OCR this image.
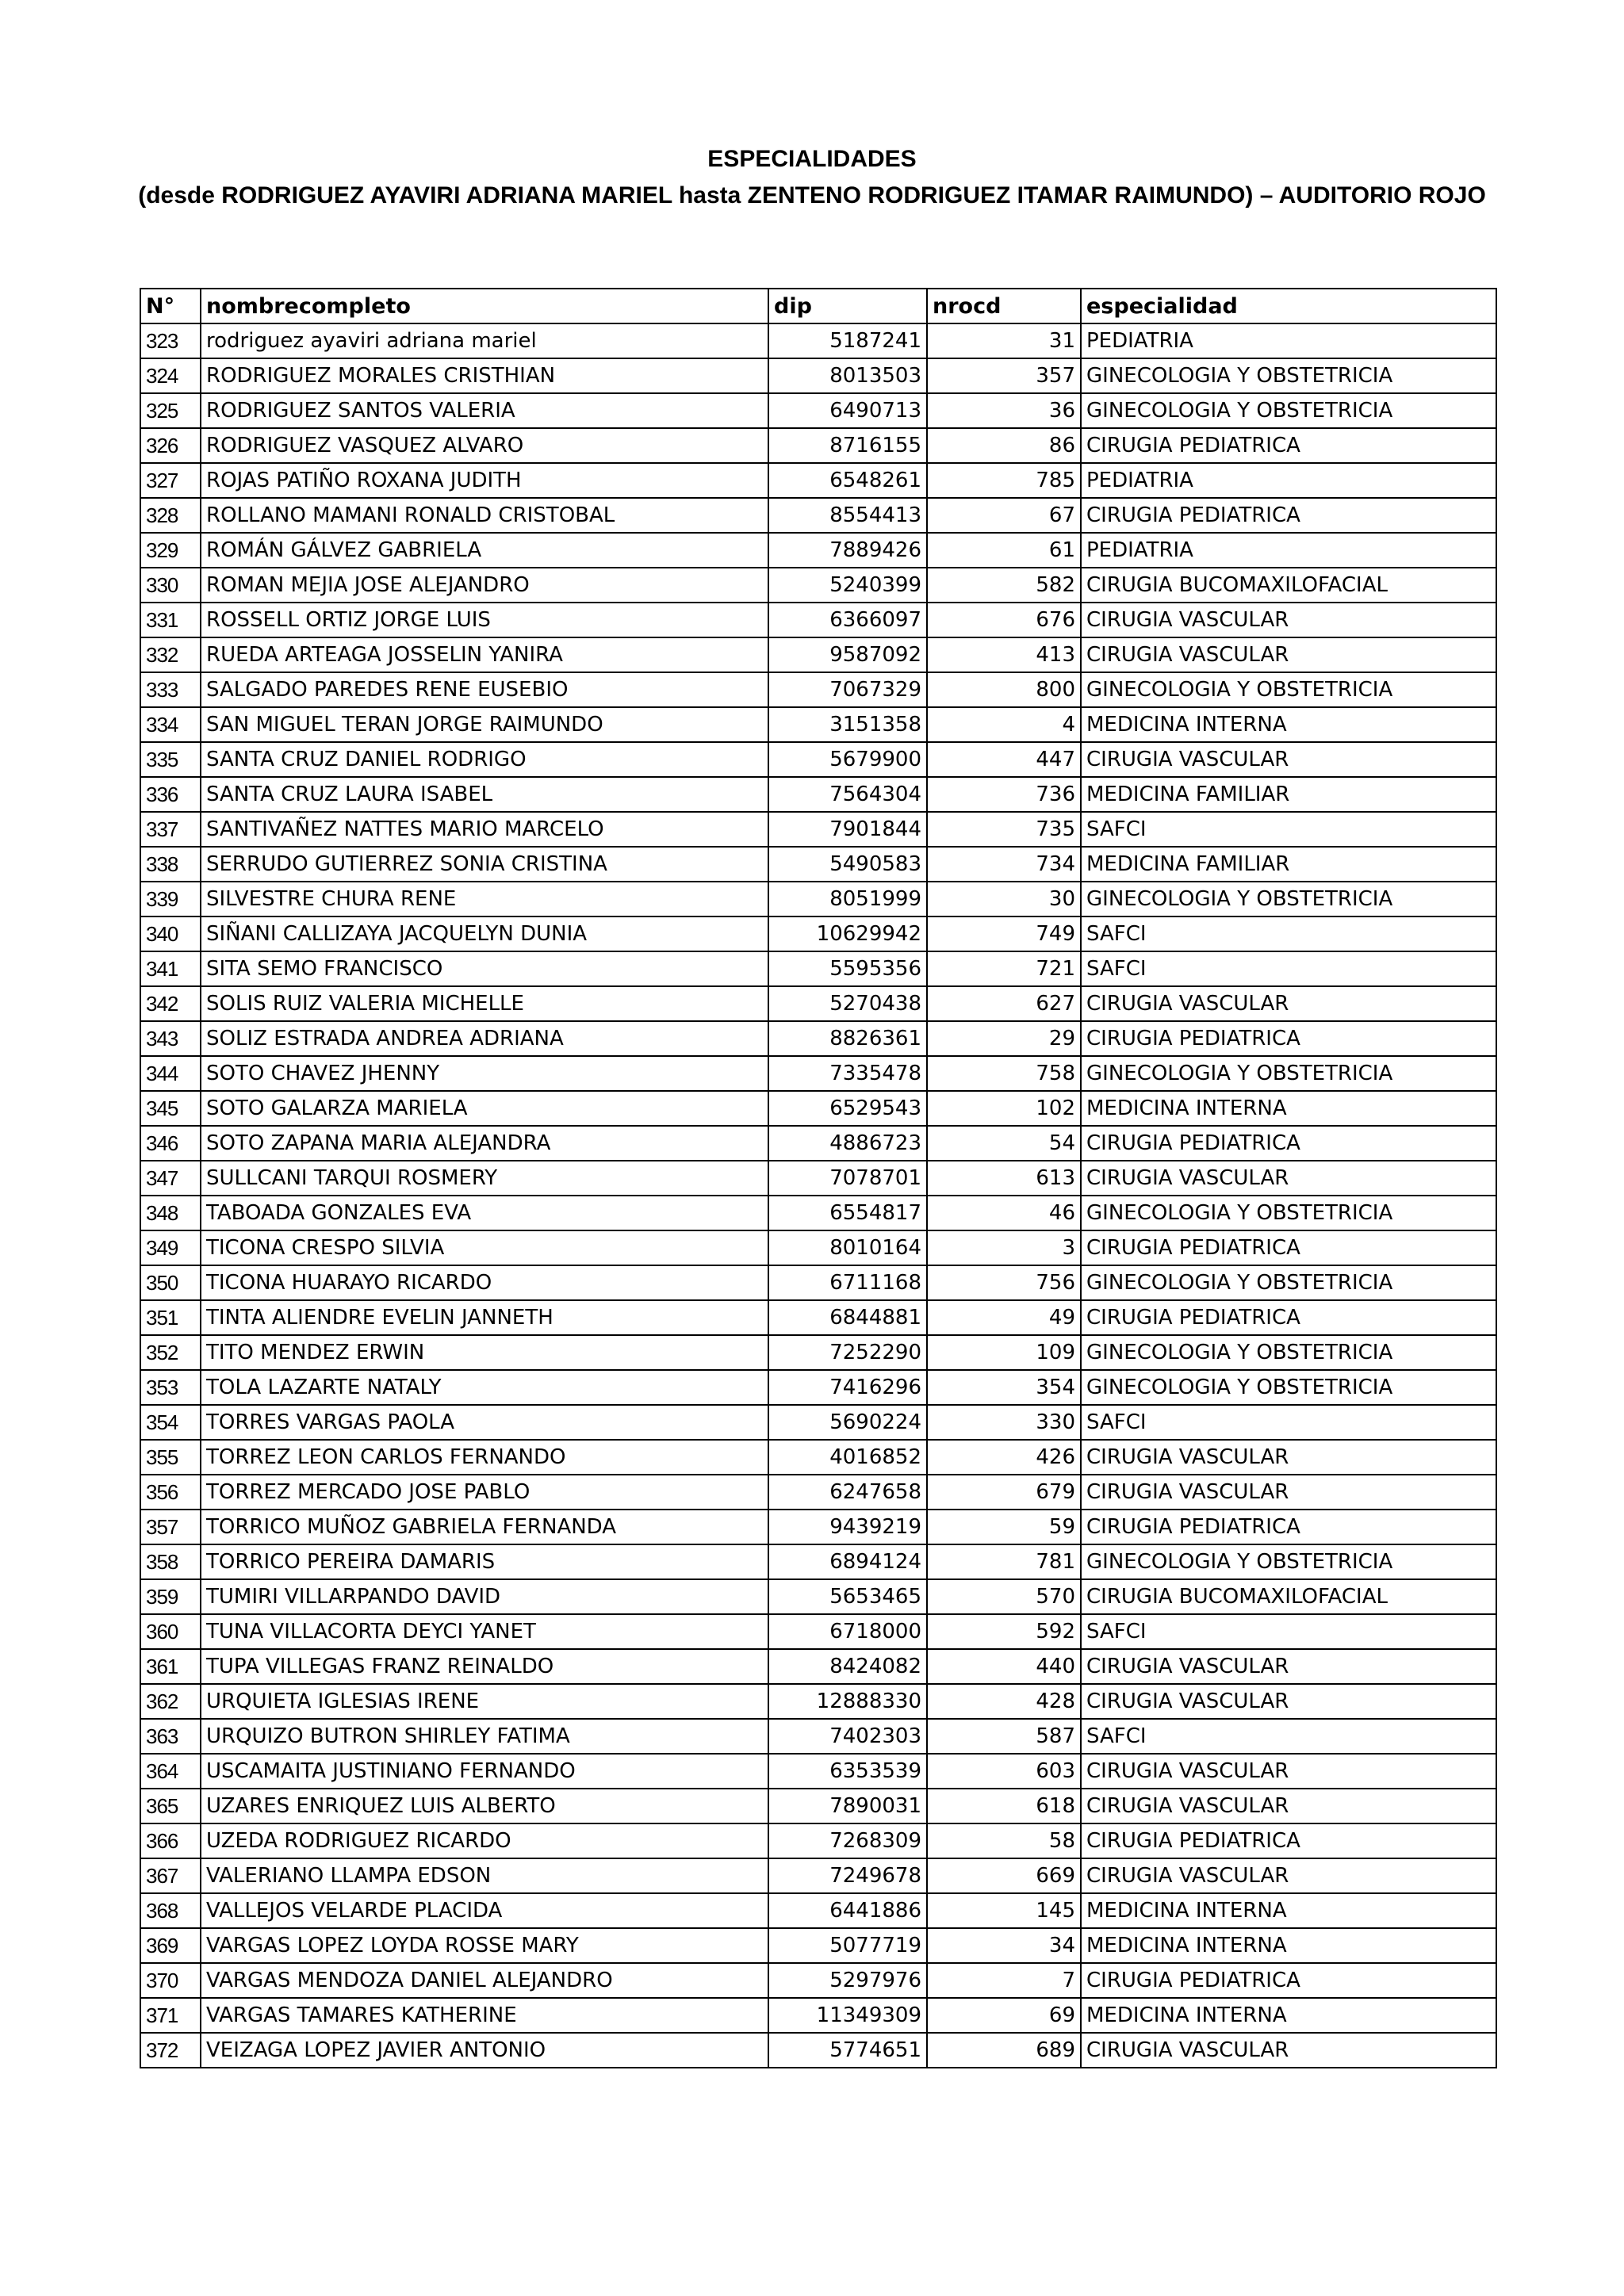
ESPECIALIDADES
(desde RODRIGUEZ AYAVIRI ADRIANA MARIEL hasta ZENTENO RODRIGUEZ ITAMAR RAIMUNDO) – AUDITORIO ROJO
N°	nombrecompleto	dip	nrocd	especialidad
323	rodriguez ayaviri adriana mariel	5187241	31	PEDIATRIA
324	RODRIGUEZ MORALES CRISTHIAN	8013503	357	GINECOLOGIA Y OBSTETRICIA
325	RODRIGUEZ SANTOS VALERIA	6490713	36	GINECOLOGIA Y OBSTETRICIA
326	RODRIGUEZ VASQUEZ ALVARO	8716155	86	CIRUGIA PEDIATRICA
327	ROJAS PATIÑO ROXANA JUDITH	6548261	785	PEDIATRIA
328	ROLLANO MAMANI RONALD CRISTOBAL	8554413	67	CIRUGIA PEDIATRICA
329	ROMÁN GÁLVEZ GABRIELA	7889426	61	PEDIATRIA
330	ROMAN MEJIA JOSE ALEJANDRO	5240399	582	CIRUGIA BUCOMAXILOFACIAL
331	ROSSELL ORTIZ JORGE LUIS	6366097	676	CIRUGIA VASCULAR
332	RUEDA ARTEAGA JOSSELIN YANIRA	9587092	413	CIRUGIA VASCULAR
333	SALGADO PAREDES RENE EUSEBIO	7067329	800	GINECOLOGIA Y OBSTETRICIA
334	SAN MIGUEL TERAN JORGE RAIMUNDO	3151358	4	MEDICINA INTERNA
335	SANTA CRUZ DANIEL RODRIGO	5679900	447	CIRUGIA VASCULAR
336	SANTA CRUZ LAURA ISABEL	7564304	736	MEDICINA FAMILIAR
337	SANTIVAÑEZ NATTES MARIO MARCELO	7901844	735	SAFCI
338	SERRUDO GUTIERREZ SONIA CRISTINA	5490583	734	MEDICINA FAMILIAR
339	SILVESTRE CHURA RENE	8051999	30	GINECOLOGIA Y OBSTETRICIA
340	SIÑANI CALLIZAYA JACQUELYN DUNIA	10629942	749	SAFCI
341	SITA SEMO FRANCISCO	5595356	721	SAFCI
342	SOLIS RUIZ VALERIA MICHELLE	5270438	627	CIRUGIA VASCULAR
343	SOLIZ ESTRADA ANDREA ADRIANA	8826361	29	CIRUGIA PEDIATRICA
344	SOTO CHAVEZ JHENNY	7335478	758	GINECOLOGIA Y OBSTETRICIA
345	SOTO GALARZA MARIELA	6529543	102	MEDICINA INTERNA
346	SOTO ZAPANA MARIA ALEJANDRA	4886723	54	CIRUGIA PEDIATRICA
347	SULLCANI TARQUI ROSMERY	7078701	613	CIRUGIA VASCULAR
348	TABOADA GONZALES EVA	6554817	46	GINECOLOGIA Y OBSTETRICIA
349	TICONA CRESPO SILVIA	8010164	3	CIRUGIA PEDIATRICA
350	TICONA HUARAYO RICARDO	6711168	756	GINECOLOGIA Y OBSTETRICIA
351	TINTA ALIENDRE EVELIN JANNETH	6844881	49	CIRUGIA PEDIATRICA
352	TITO MENDEZ ERWIN	7252290	109	GINECOLOGIA Y OBSTETRICIA
353	TOLA LAZARTE NATALY	7416296	354	GINECOLOGIA Y OBSTETRICIA
354	TORRES VARGAS PAOLA	5690224	330	SAFCI
355	TORREZ LEON CARLOS FERNANDO	4016852	426	CIRUGIA VASCULAR
356	TORREZ MERCADO JOSE PABLO	6247658	679	CIRUGIA VASCULAR
357	TORRICO MUÑOZ GABRIELA FERNANDA	9439219	59	CIRUGIA PEDIATRICA
358	TORRICO PEREIRA DAMARIS	6894124	781	GINECOLOGIA Y OBSTETRICIA
359	TUMIRI VILLARPANDO DAVID	5653465	570	CIRUGIA BUCOMAXILOFACIAL
360	TUNA VILLACORTA DEYCI YANET	6718000	592	SAFCI
361	TUPA VILLEGAS FRANZ REINALDO	8424082	440	CIRUGIA VASCULAR
362	URQUIETA IGLESIAS IRENE	12888330	428	CIRUGIA VASCULAR
363	URQUIZO BUTRON SHIRLEY FATIMA	7402303	587	SAFCI
364	USCAMAITA JUSTINIANO FERNANDO	6353539	603	CIRUGIA VASCULAR
365	UZARES ENRIQUEZ LUIS ALBERTO	7890031	618	CIRUGIA VASCULAR
366	UZEDA RODRIGUEZ RICARDO	7268309	58	CIRUGIA PEDIATRICA
367	VALERIANO LLAMPA EDSON	7249678	669	CIRUGIA VASCULAR
368	VALLEJOS VELARDE PLACIDA	6441886	145	MEDICINA INTERNA
369	VARGAS LOPEZ LOYDA ROSSE MARY	5077719	34	MEDICINA INTERNA
370	VARGAS MENDOZA DANIEL ALEJANDRO	5297976	7	CIRUGIA PEDIATRICA
371	VARGAS TAMARES KATHERINE	11349309	69	MEDICINA INTERNA
372	VEIZAGA LOPEZ JAVIER ANTONIO	5774651	689	CIRUGIA VASCULAR
